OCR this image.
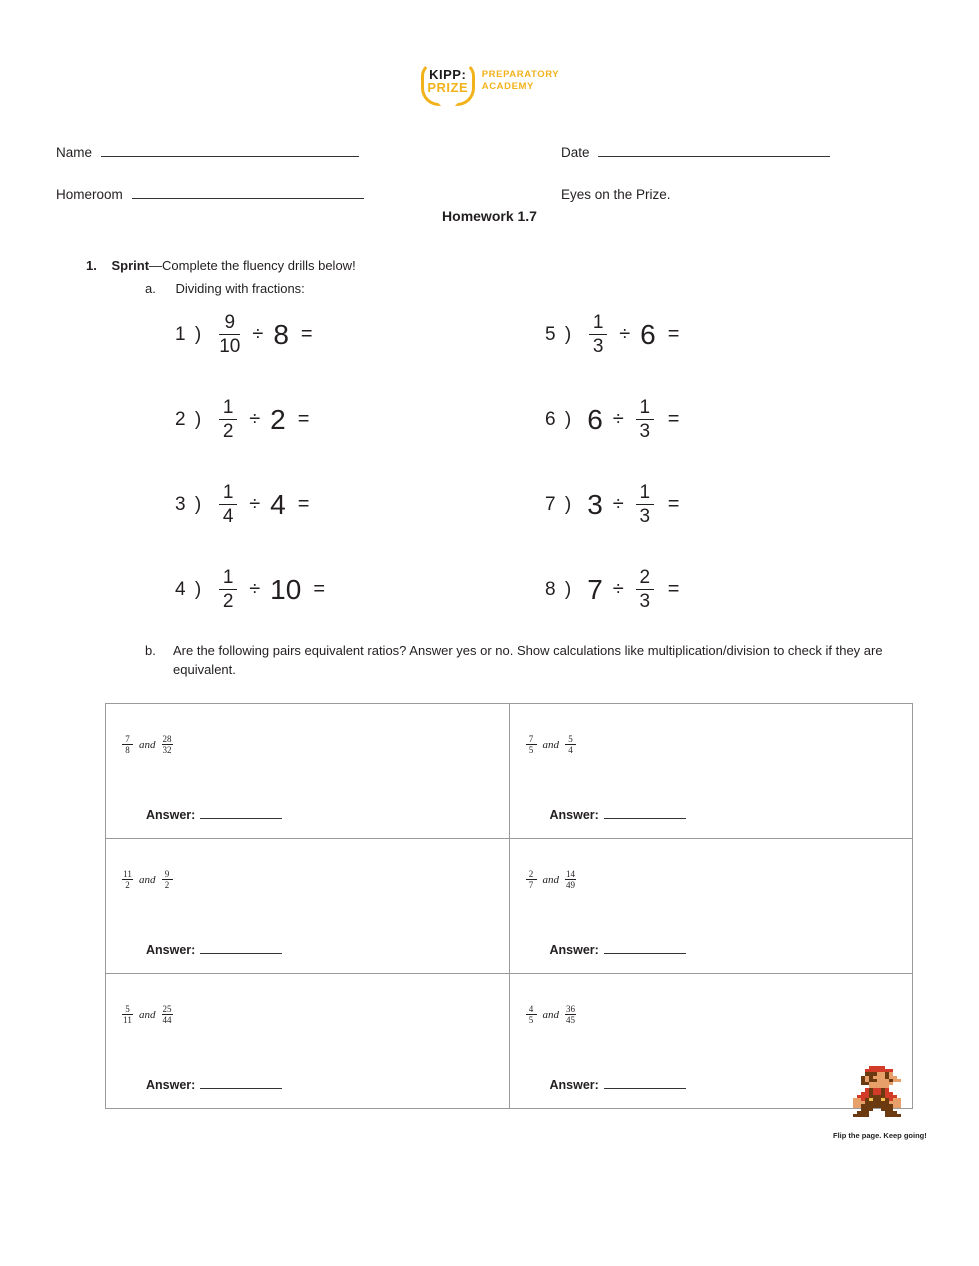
KIPP:
PRIZE
PREPARATORY
ACADEMY
Name	Date
Homeroom	Eyes on the Prize.
Homework 1.7
1. Sprint—Complete the fluency drills below!
a. Dividing with fractions:
1 ) $\frac{9}{10} \div 8$ =
2 ) $\frac{1}{2} \div 2$ =
3 ) $\frac{1}{4} \div 4$ =
4 ) $\frac{1}{2} \div 10$ =
5 ) $\frac{1}{3} \div 6$ =
6 ) $6 \div \frac{1}{3}$ =
7 ) $3 \div \frac{1}{3}$ =
8 ) $7 \div \frac{2}{3}$ =
b. Are the following pairs equivalent ratios? Answer yes or no. Show calculations like multiplication/division to check if they are equivalent.
$\frac{7}{8}$ and $\frac{28}{32}$
Answer:

$\frac{7}{5}$ and $\frac{5}{4}$
Answer:

$\frac{11}{2}$ and $\frac{9}{2}$
Answer:

$\frac{2}{7}$ and $\frac{14}{49}$
Answer:

$\frac{5}{11}$ and $\frac{25}{44}$
Answer:

$\frac{4}{5}$ and $\frac{36}{45}$
Answer:
Flip the page. Keep going!
